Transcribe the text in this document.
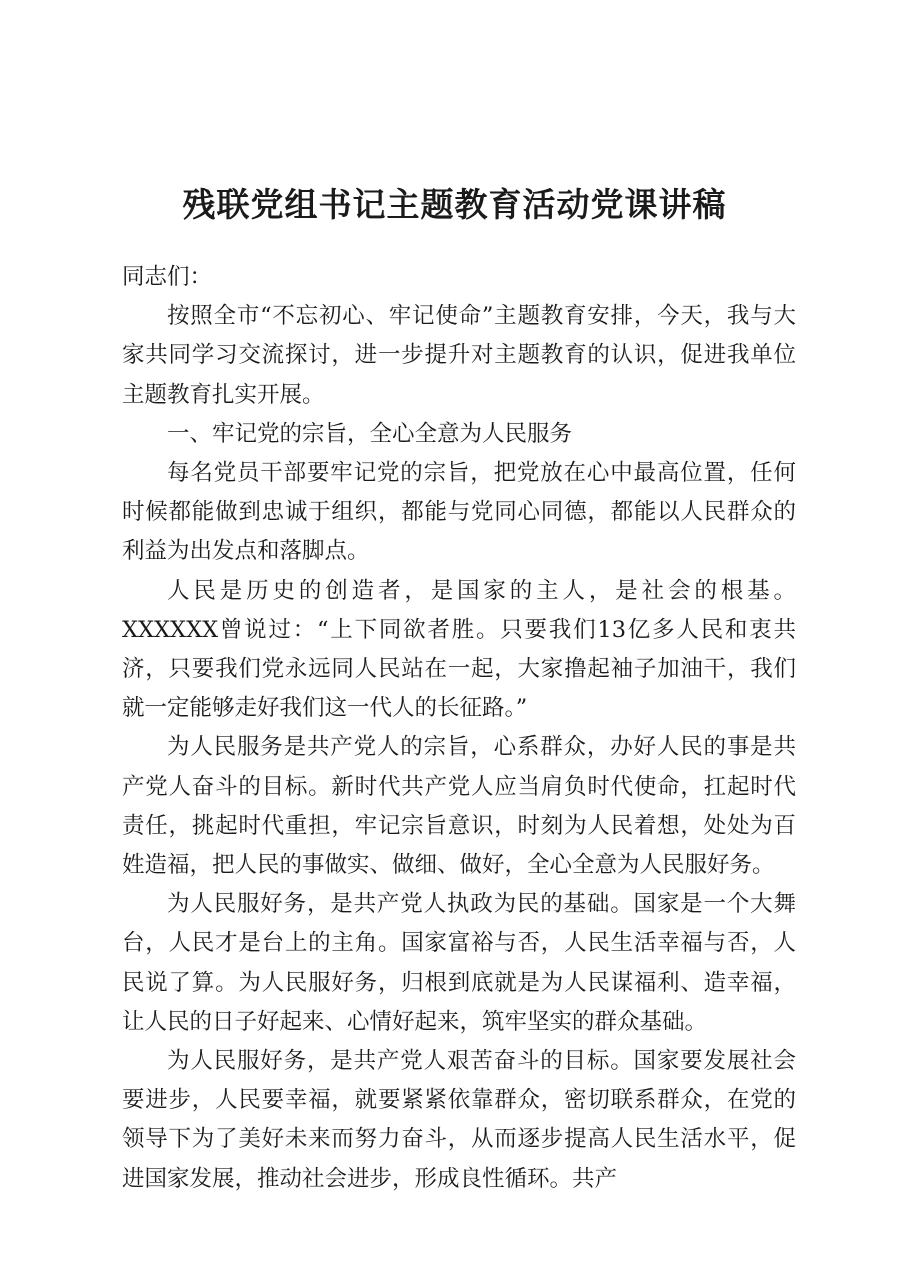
残联党组书记主题教育活动党课讲稿

同志们：

按照全市“不忘初心、牢记使命”主题教育安排，今天，我与大家共同学习交流探讨，进一步提升对主题教育的认识，促进我单位主题教育扎实开展。

一、牢记党的宗旨，全心全意为人民服务

每名党员干部要牢记党的宗旨，把党放在心中最高位置，任何时候都能做到忠诚于组织，都能与党同心同德，都能以人民群众的利益为出发点和落脚点。

人民是历史的创造者，是国家的主人，是社会的根基。XXXXXX曾说过：“上下同欲者胜。只要我们13亿多人民和衷共济，只要我们党永远同人民站在一起，大家撸起袖子加油干，我们就一定能够走好我们这一代人的长征路。”

为人民服务是共产党人的宗旨，心系群众，办好人民的事是共产党人奋斗的目标。新时代共产党人应当肩负时代使命，扛起时代责任，挑起时代重担，牢记宗旨意识，时刻为人民着想，处处为百姓造福，把人民的事做实、做细、做好，全心全意为人民服好务。

为人民服好务，是共产党人执政为民的基础。国家是一个大舞台，人民才是台上的主角。国家富裕与否，人民生活幸福与否，人民说了算。为人民服好务，归根到底就是为人民谋福利、造幸福，让人民的日子好起来、心情好起来，筑牢坚实的群众基础。

为人民服好务，是共产党人艰苦奋斗的目标。国家要发展社会要进步，人民要幸福，就要紧紧依靠群众，密切联系群众，在党的领导下为了美好未来而努力奋斗，从而逐步提高人民生活水平，促进国家发展，推动社会进步，形成良性循环。共产
